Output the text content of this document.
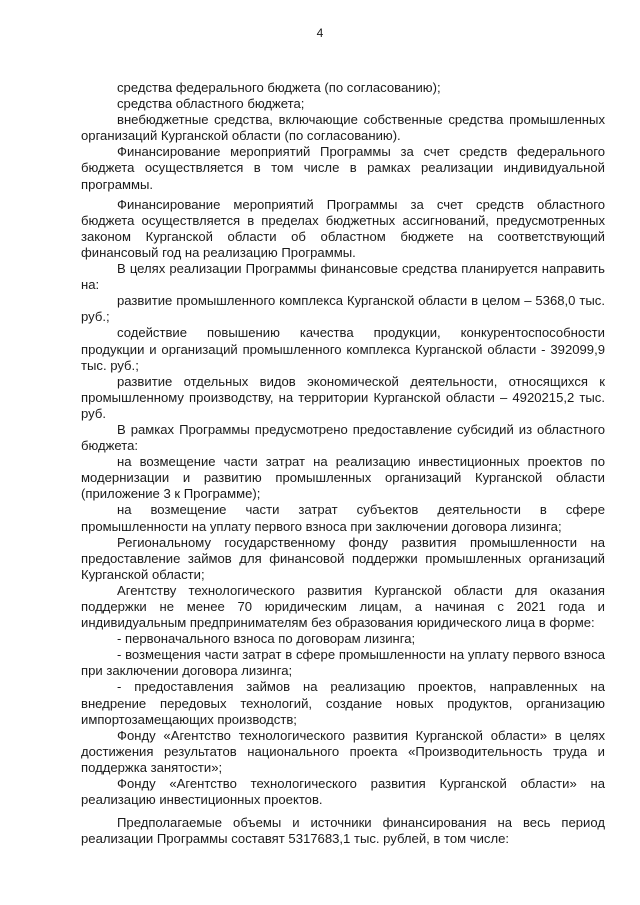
4

средства федерального бюджета (по согласованию);

средства областного бюджета;

внебюджетные средства, включающие собственные средства промышленных организаций Курганской области (по согласованию).

Финансирование мероприятий Программы за счет средств федерального бюджета осуществляется в том числе в рамках реализации индивидуальной программы.

Финансирование мероприятий Программы за счет средств областного бюджета осуществляется в пределах бюджетных ассигнований, предусмотренных законом Курганской области об областном бюджете на соответствующий финансовый год на реализацию Программы.

В целях реализации Программы финансовые средства планируется направить на:

развитие промышленного комплекса Курганской области в целом – 5368,0 тыс. руб.;

содействие повышению качества продукции, конкурентоспособности продукции и организаций промышленного комплекса Курганской области - 392099,9 тыс. руб.;

развитие отдельных видов экономической деятельности, относящихся к промышленному производству, на территории Курганской области – 4920215,2 тыс. руб.

В рамках Программы предусмотрено предоставление субсидий из областного бюджета:

на возмещение части затрат на реализацию инвестиционных проектов по модернизации и развитию промышленных организаций Курганской области (приложение 3 к Программе);

на возмещение части затрат субъектов деятельности в сфере промышленности на уплату первого взноса при заключении договора лизинга;

Региональному государственному фонду развития промышленности на предоставление займов для финансовой поддержки промышленных организаций Курганской области;

Агентству технологического развития Курганской области для оказания поддержки не менее 70 юридическим лицам, а начиная с 2021 года и индивидуальным предпринимателям без образования юридического лица в форме:

- первоначального взноса по договорам лизинга;

- возмещения части затрат в сфере промышленности на уплату первого взноса при заключении договора лизинга;

- предоставления займов на реализацию проектов, направленных на внедрение передовых технологий, создание новых продуктов, организацию импортозамещающих производств;

Фонду «Агентство технологического развития Курганской области» в целях достижения результатов национального проекта «Производительность труда и поддержка занятости»;

Фонду «Агентство технологического развития Курганской области» на реализацию инвестиционных проектов.

Предполагаемые объемы и источники финансирования на весь период реализации Программы составят 5317683,1 тыс. рублей, в том числе:
